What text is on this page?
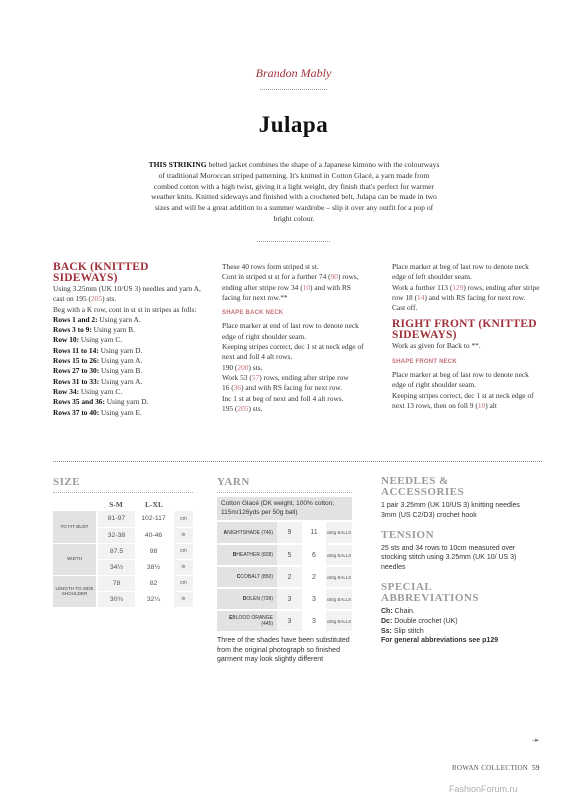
Brandon Mably
Julapa
THIS STRIKING belted jacket combines the shape of a Japanese kimono with the colourways of traditional Moroccan striped patterning. It's knitted in Cotton Glacé, a yarn made from combed cotton with a high twist, giving it a light weight, dry finish that's perfect for warmer weather knits. Knitted sideways and finished with a crocheted belt, Julapa can be made in two sizes and will be a great addition to a summer wardrobe – slip it over any outfit for a pop of bright colour.
BACK (KNITTED SIDEWAYS)

Using 3.25mm (UK 10/US 3) needles and yarn A, cast on 195 (205) sts.

Beg with a K row, cont in st st in stripes as folls:

Rows 1 and 2: Using yarn A.

Rows 3 to 9: Using yarn B.

Row 10: Using yarn C.

Rows 11 to 14: Using yarn D.

Rows 15 to 26: Using yarn A.

Rows 27 to 30: Using yarn B.

Rows 31 to 33: Using yarn A.

Row 34: Using yarn C.

Rows 35 and 36: Using yarn D.

Rows 37 to 40: Using yarn E.

These 40 rows form striped st st.

Cont in striped st st for a further 74 (90) rows, ending after stripe row 34 (10) and with RS facing for next row.**

SHAPE BACK NECK

Place marker at end of last row to denote neck edge of right shoulder seam.

Keeping stripes correct, dec 1 st at neck edge of next and foll 4 alt rows.

190 (200) sts.

Work 53 (57) rows, ending after stripe row

16 (36) and with RS facing for next row.

Inc 1 st at beg of next and foll 4 alt rows.

195 (205) sts.

Place marker at beg of last row to denote neck edge of left shoulder seam.

Work a further 113 (129) rows, ending after stripe row 18 (14) and with RS facing for next row.

Cast off.

RIGHT FRONT (KNITTED SIDEWAYS)

Work as given for Back to **.

SHAPE FRONT NECK

Place marker at beg of last row to denote neck edge of right shoulder seam.

Keeping stripes correct, dec 1 st at neck edge of next 13 rows, then on foll 9 (10) alt

SIZE
	S-M	L-XL	
TO FIT BUST	81-97	102-117	cm
	32-38	40-46	in
WIDTH	87.5	98	cm
	34½	38½	in
LENGTH TO SIDE SHOULDER	78	82	cm
	30¾	32¼	in
YARN
Cotton Glacé (DK weight, 100% cotton; 115m/126yds per 50g ball)
ANIGHTSHADE (746)	9	11	x50g BALLS
BHEATHER (828)	5	6	x50g BALLS
CCOBALT (850)	2	2	x50g BALLS
DOLEN (739)	3	3	x50g BALLS
EBLOOD ORANGE (445)	3	3	x50g BALLS
Three of the shades have been substituted from the original photograph so finished garment may look slightly different
NEEDLES & ACCESSORIES
1 pair 3.25mm (UK 10/US 3) knitting needles
3mm (US C2/D3) crochet hook
TENSION
25 sts and 34 rows to 10cm measured over stocking stitch using 3.25mm (UK 10/ US 3) needles
SPECIAL ABBREVIATIONS
Ch: Chain.
Dc: Double crochet (UK)
Ss: Slip stitch
For general abbreviations see p129
➛
ROWAN COLLECTION 59
FashionForum.ru
